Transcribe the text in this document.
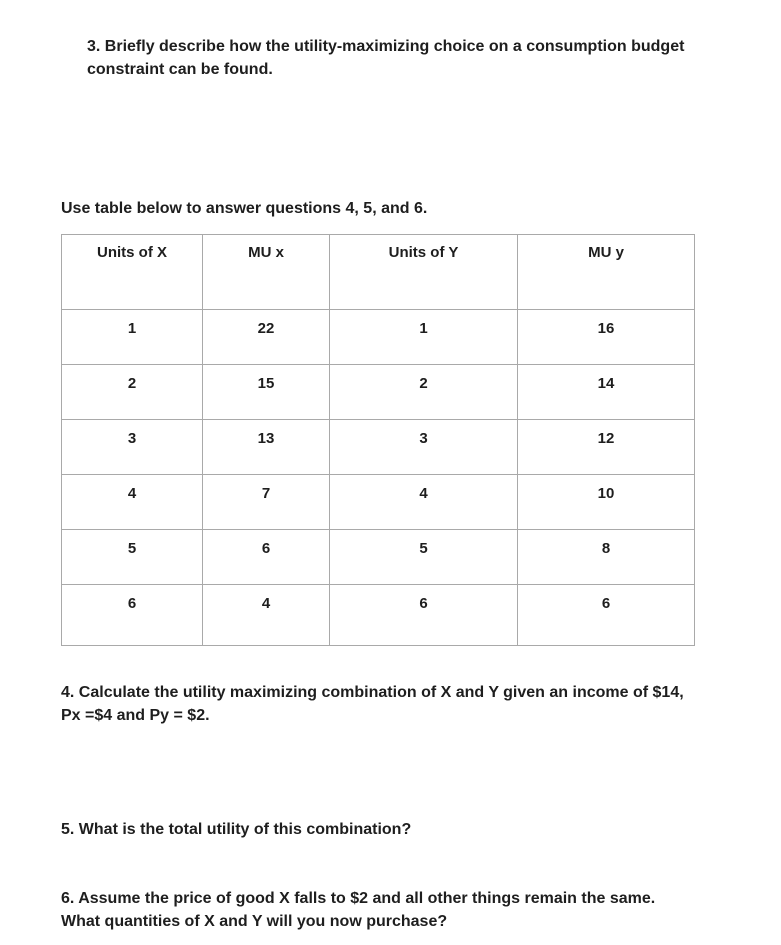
3. Briefly describe how the utility-maximizing choice on a consumption budget
constraint can be found.

Use table below to answer questions 4, 5, and 6.

Units of X	MU x	Units of Y	MU y
1	22	1	16
2	15	2	14
3	13	3	12
4	7	4	10
5	6	5	8
6	4	6	6

4. Calculate the utility maximizing combination of X and Y given an income of $14,
Px =$4 and Py = $2.

5. What is the total utility of this combination?

6. Assume the price of good X falls to $2 and all other things remain the same.
What quantities of X and Y will you now purchase?
